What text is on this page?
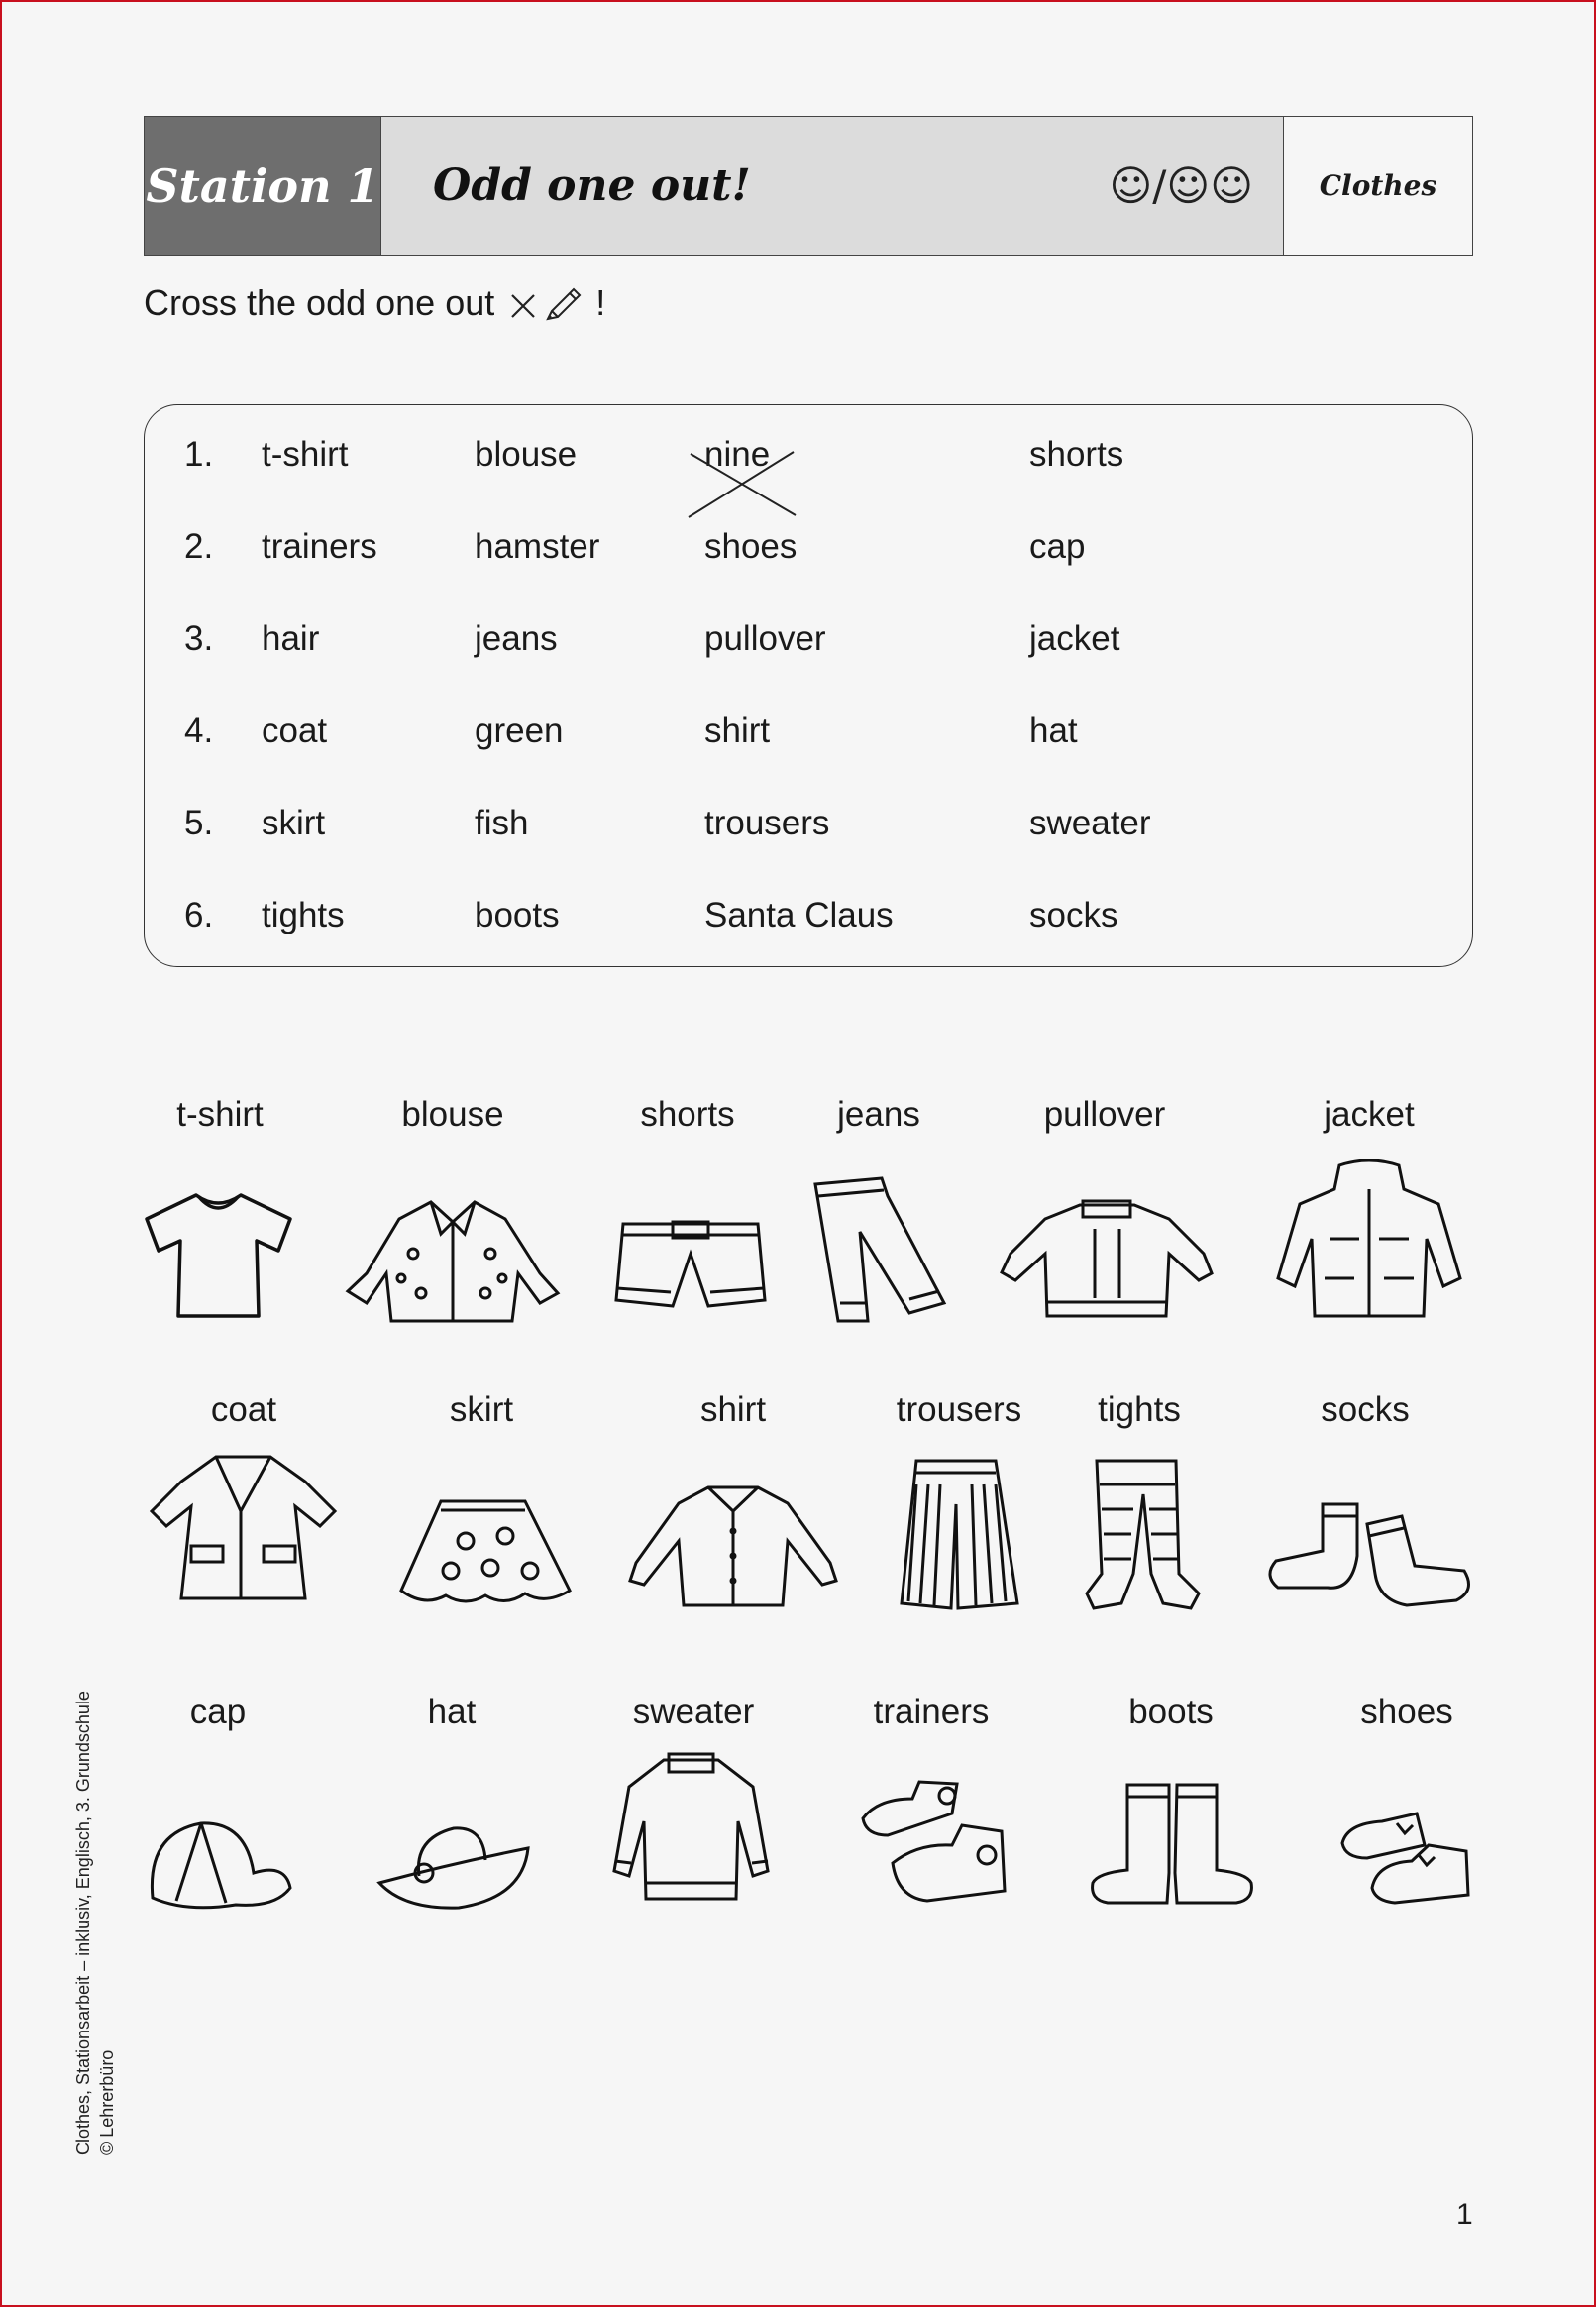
Station 1 Odd one out!	☺/☺☺	Clothes
Cross the odd one out	!
1. t-shirt	blouse	nine	shorts
2. trainers	hamster	shoes	cap
3. hair	jeans	pullover	jacket
4. coat	green	shirt	hat
5. skirt	fish	trousers	sweater
6. tights	boots	Santa Claus	socks
t-shirt	blouse	shorts	jeans	pullover	jacket
coat	skirt	shirt	trousers	tights	socks
cap	hat	sweater	trainers	boots	shoes
Clothes, Stationsarbeit – inklusiv, Englisch, 3. Grundschule © Lehrerbüro
1
